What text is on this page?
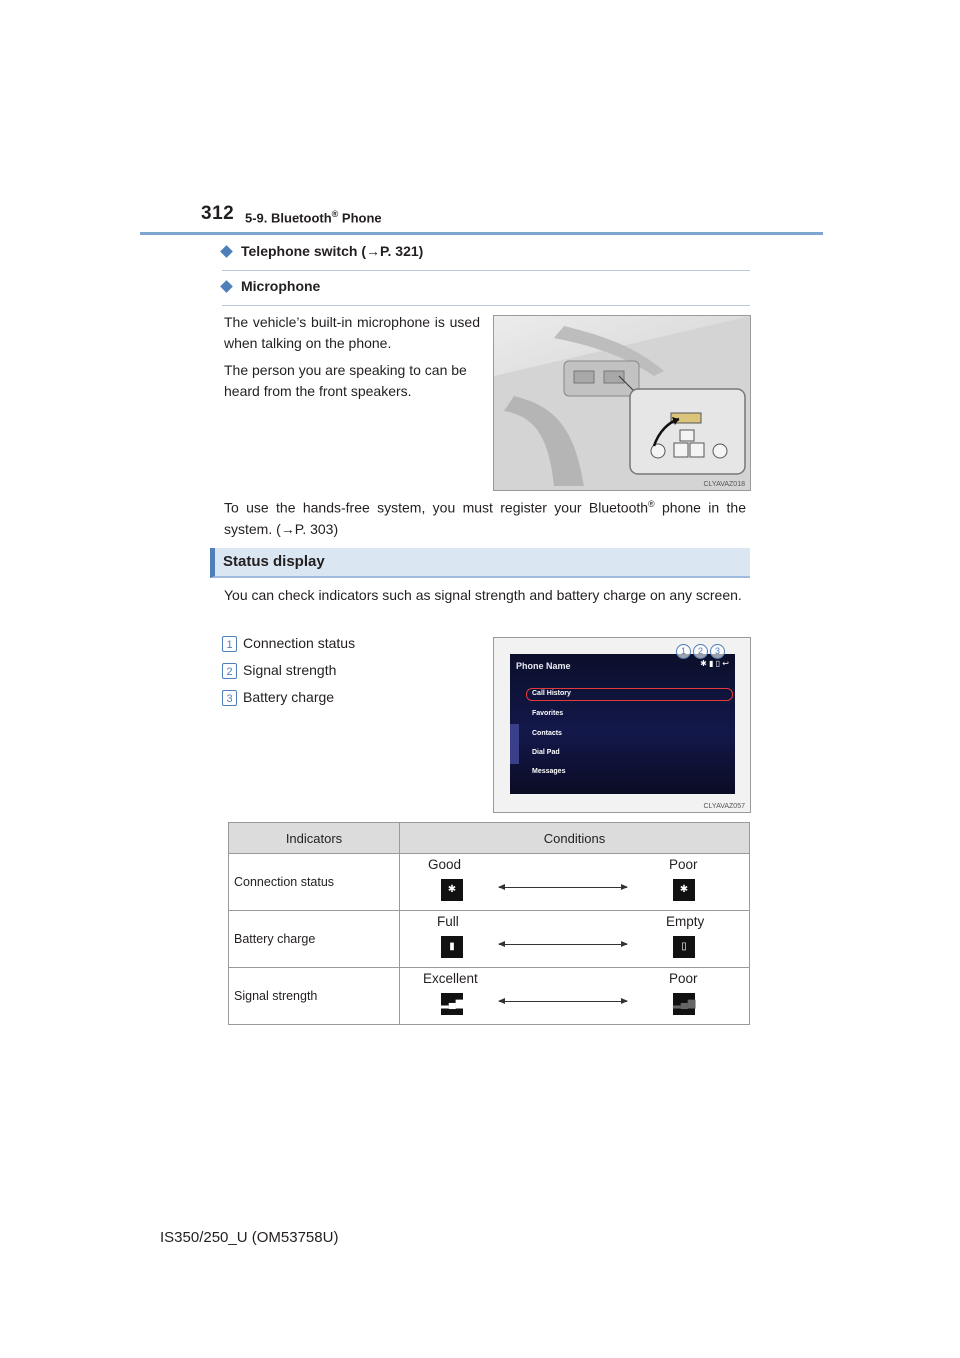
312 5-9. Bluetooth® Phone
Telephone switch (→P. 321)
Microphone
The vehicle’s built-in microphone is used when talking on the phone.
The person you are speaking to can be heard from the front speakers.
CLYAVAZ018
To use the hands-free system, you must register your Bluetooth® phone in the system. (→P. 303)
Status display
You can check indicators such as signal strength and battery charge on any screen.
1 Connection status
2 Signal strength
3 Battery charge
Phone Name	✱ ▮ ▯ ↩
Call History
Favorites
Contacts
Dial Pad
Messages
1	2	3
CLYAVAZ057
Indicators	Conditions
Connection status	Good Poor
✱ ✱

Battery charge	Full Empty
▮ ▯

Signal strength	Excellent Poor
▂▄▆ ▂▄▆
IS350/250_U (OM53758U)
